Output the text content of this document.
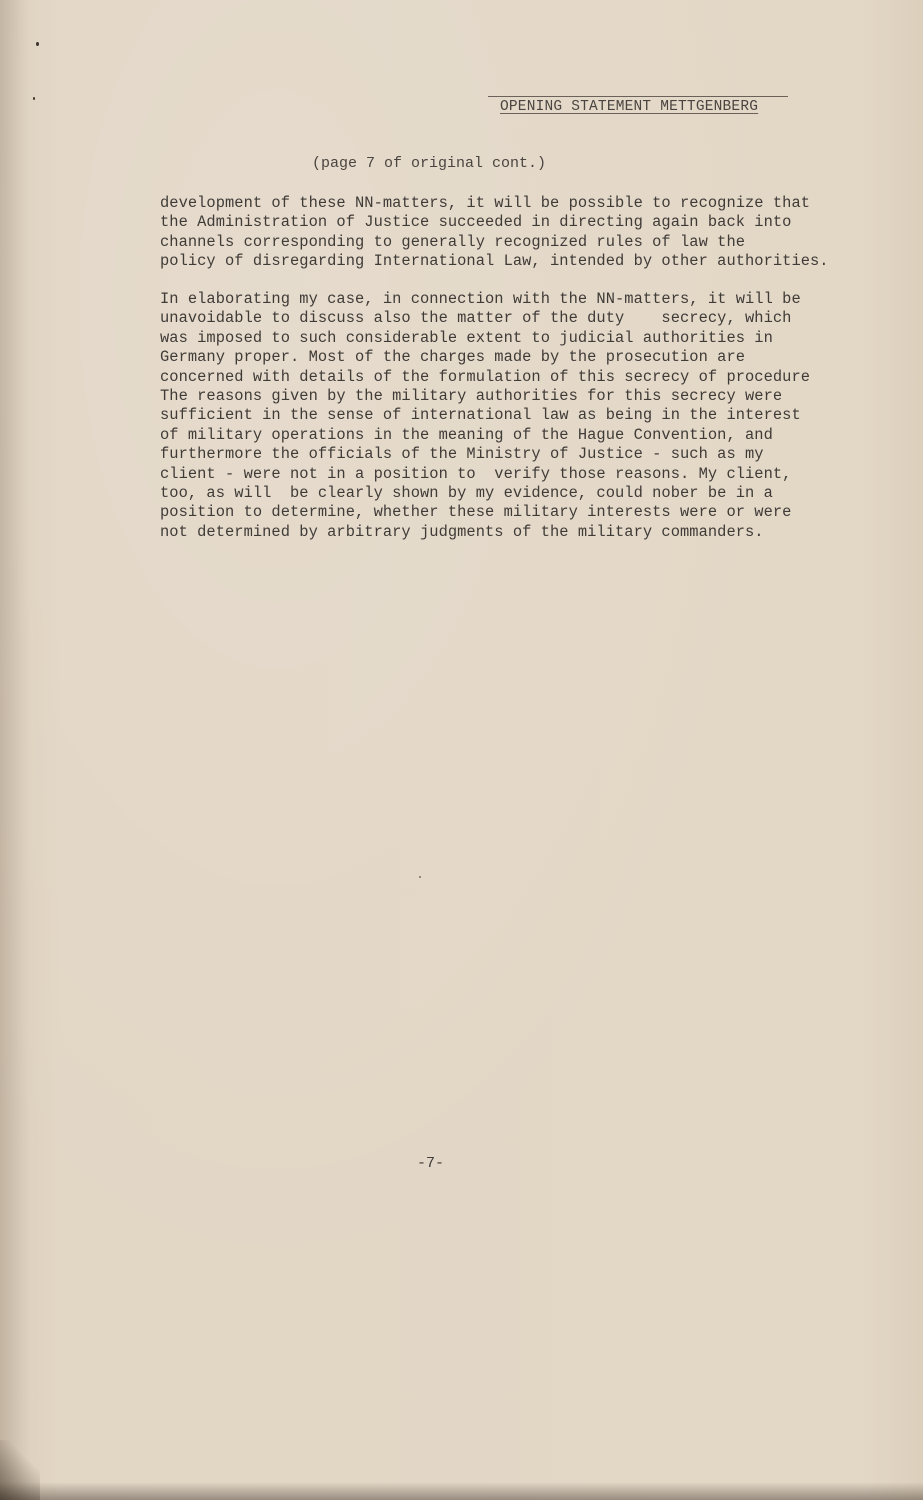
OPENING STATEMENT METTGENBERG
(page 7 of original cont.)
development of these NN-matters, it will be possible to recognize that
the Administration of Justice succeeded in directing again back into
channels corresponding to generally recognized rules of law the
policy of disregarding International Law, intended by other authorities.
In elaborating my case, in connection with the NN-matters, it will be
unavoidable to discuss also the matter of the duty    secrecy, which
was imposed to such considerable extent to judicial authorities in
Germany proper. Most of the charges made by the prosecution are
concerned with details of the formulation of this secrecy of procedure
The reasons given by the military authorities for this secrecy were
sufficient in the sense of international law as being in the interest
of military operations in the meaning of the Hague Convention, and
furthermore the officials of the Ministry of Justice - such as my
client - were not in a position to  verify those reasons. My client,
too, as will  be clearly shown by my evidence, could nober be in a
position to determine, whether these military interests were or were
not determined by arbitrary judgments of the military commanders.
-7-
